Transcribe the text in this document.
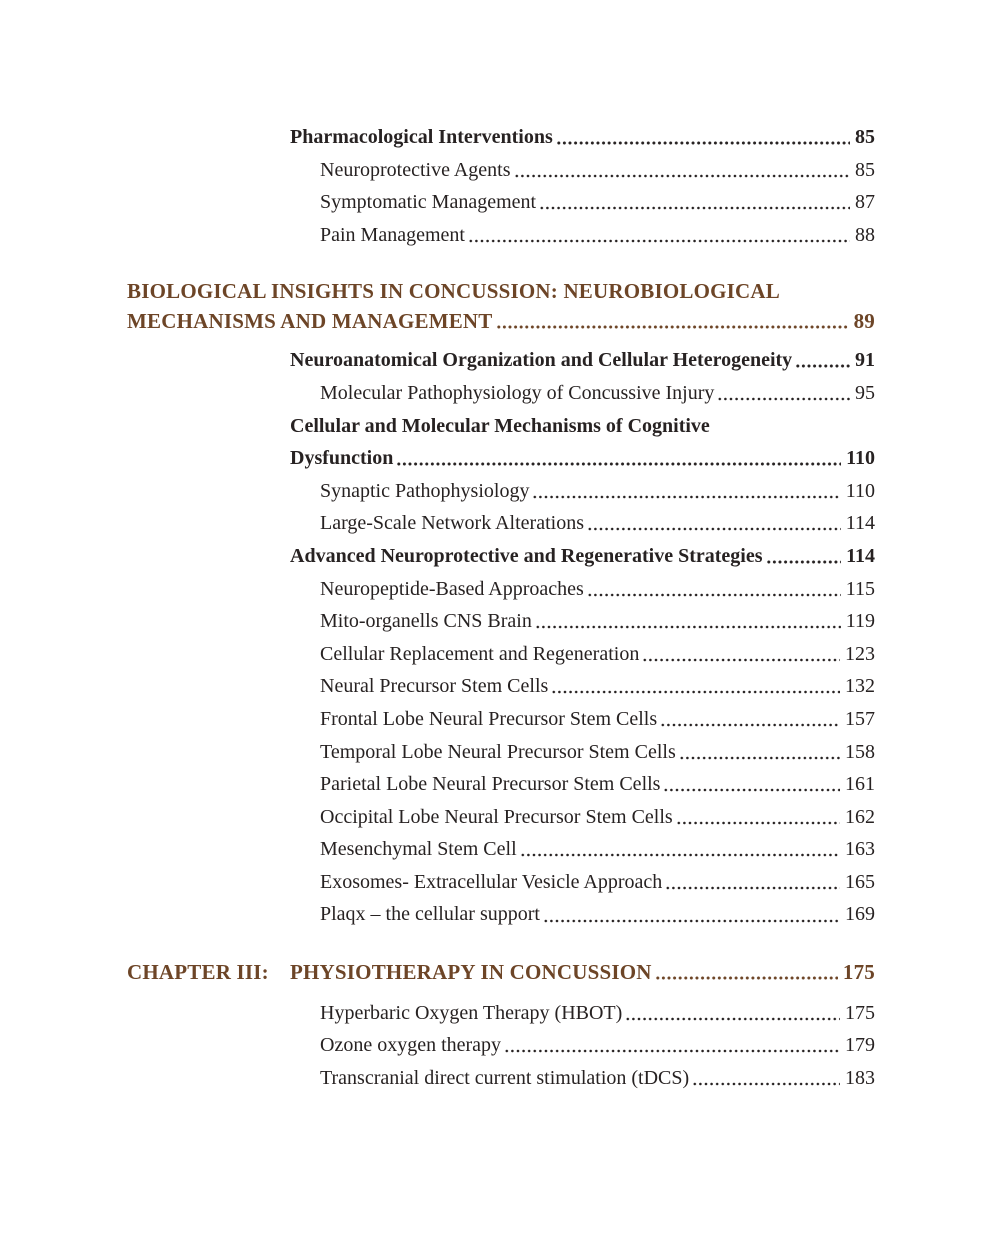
Pharmacological Interventions	85
Neuroprotective Agents	85
Symptomatic Management	87
Pain Management	88
BIOLOGICAL INSIGHTS IN CONCUSSION: NEUROBIOLOGICAL
MECHANISMS AND MANAGEMENT	89
Neuroanatomical Organization and Cellular Heterogeneity	91
Molecular Pathophysiology of Concussive Injury	95
Cellular and Molecular Mechanisms of Cognitive
Dysfunction	110
Synaptic Pathophysiology	110
Large-Scale Network Alterations	114
Advanced Neuroprotective and Regenerative Strategies	114
Neuropeptide-Based Approaches	115
Mito-organells CNS Brain	119
Cellular Replacement and Regeneration	123
Neural Precursor Stem Cells	132
Frontal Lobe Neural Precursor Stem Cells	157
Temporal Lobe Neural Precursor Stem Cells	158
Parietal Lobe Neural Precursor Stem Cells	161
Occipital Lobe Neural Precursor Stem Cells	162
Mesenchymal Stem Cell	163
Exosomes- Extracellular Vesicle Approach	165
Plaqx – the cellular support	169
CHAPTER III:	PHYSIOTHERAPY IN CONCUSSION	175
Hyperbaric Oxygen Therapy (HBOT)	175
Ozone oxygen therapy	179
Transcranial direct current stimulation (tDCS)	183
